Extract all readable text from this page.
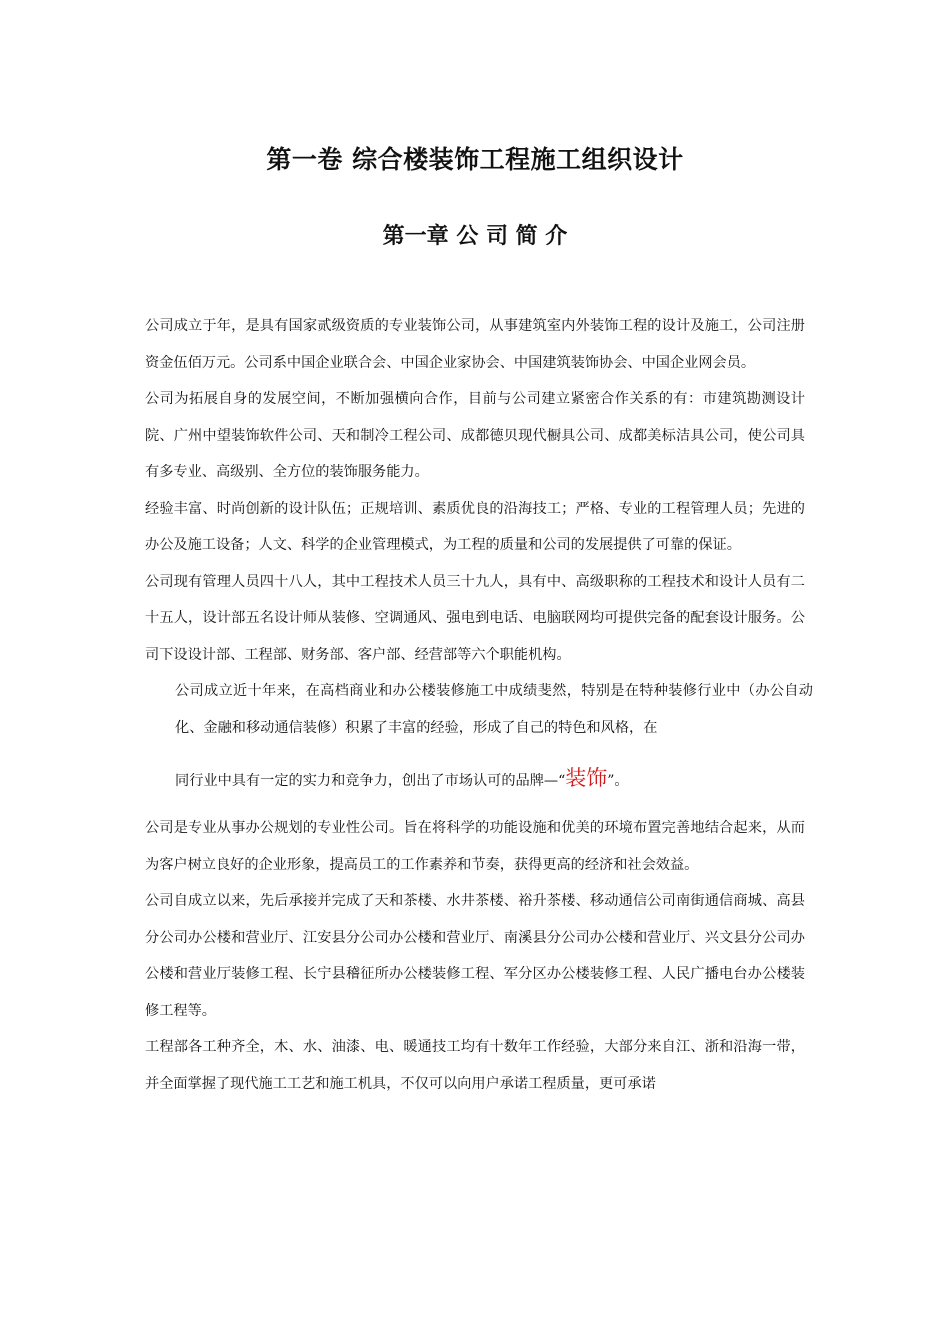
第一卷 综合楼装饰工程施工组织设计
第一章 公 司 简 介

公司成立于年，是具有国家贰级资质的专业装饰公司，从事建筑室内外装饰工程的设计及施工，公司注册资金伍佰万元。公司系中国企业联合会、中国企业家协会、中国建筑装饰协会、中国企业网会员。

公司为拓展自身的发展空间，不断加强横向合作，目前与公司建立紧密合作关系的有：市建筑勘测设计院、广州中望装饰软件公司、天和制冷工程公司、成都德贝现代橱具公司、成都美标洁具公司，使公司具有多专业、高级别、全方位的装饰服务能力。

经验丰富、时尚创新的设计队伍；正规培训、素质优良的沿海技工；严格、专业的工程管理人员；先进的办公及施工设备；人文、科学的企业管理模式，为工程的质量和公司的发展提供了可靠的保证。

公司现有管理人员四十八人，其中工程技术人员三十九人，具有中、高级职称的工程技术和设计人员有二十五人，设计部五名设计师从装修、空调通风、强电到电话、电脑联网均可提供完备的配套设计服务。公司下设设计部、工程部、财务部、客户部、经营部等六个职能机构。

公司成立近十年来，在高档商业和办公楼装修施工中成绩斐然，特别是在特种装修行业中（办公自动化、金融和移动通信装修）积累了丰富的经验，形成了自己的特色和风格，在

同行业中具有一定的实力和竞争力，创出了市场认可的品牌—“装饰”。

公司是专业从事办公规划的专业性公司。旨在将科学的功能设施和优美的环境布置完善地结合起来，从而为客户树立良好的企业形象，提高员工的工作素养和节奏，获得更高的经济和社会效益。

公司自成立以来，先后承接并完成了天和茶楼、水井茶楼、裕升茶楼、移动通信公司南街通信商城、高县分公司办公楼和营业厅、江安县分公司办公楼和营业厅、南溪县分公司办公楼和营业厅、兴文县分公司办公楼和营业厅装修工程、长宁县稽征所办公楼装修工程、军分区办公楼装修工程、人民广播电台办公楼装修工程等。

工程部各工种齐全，木、水、油漆、电、暖通技工均有十数年工作经验，大部分来自江、浙和沿海一带，并全面掌握了现代施工工艺和施工机具，不仅可以向用户承诺工程质量，更可承诺
